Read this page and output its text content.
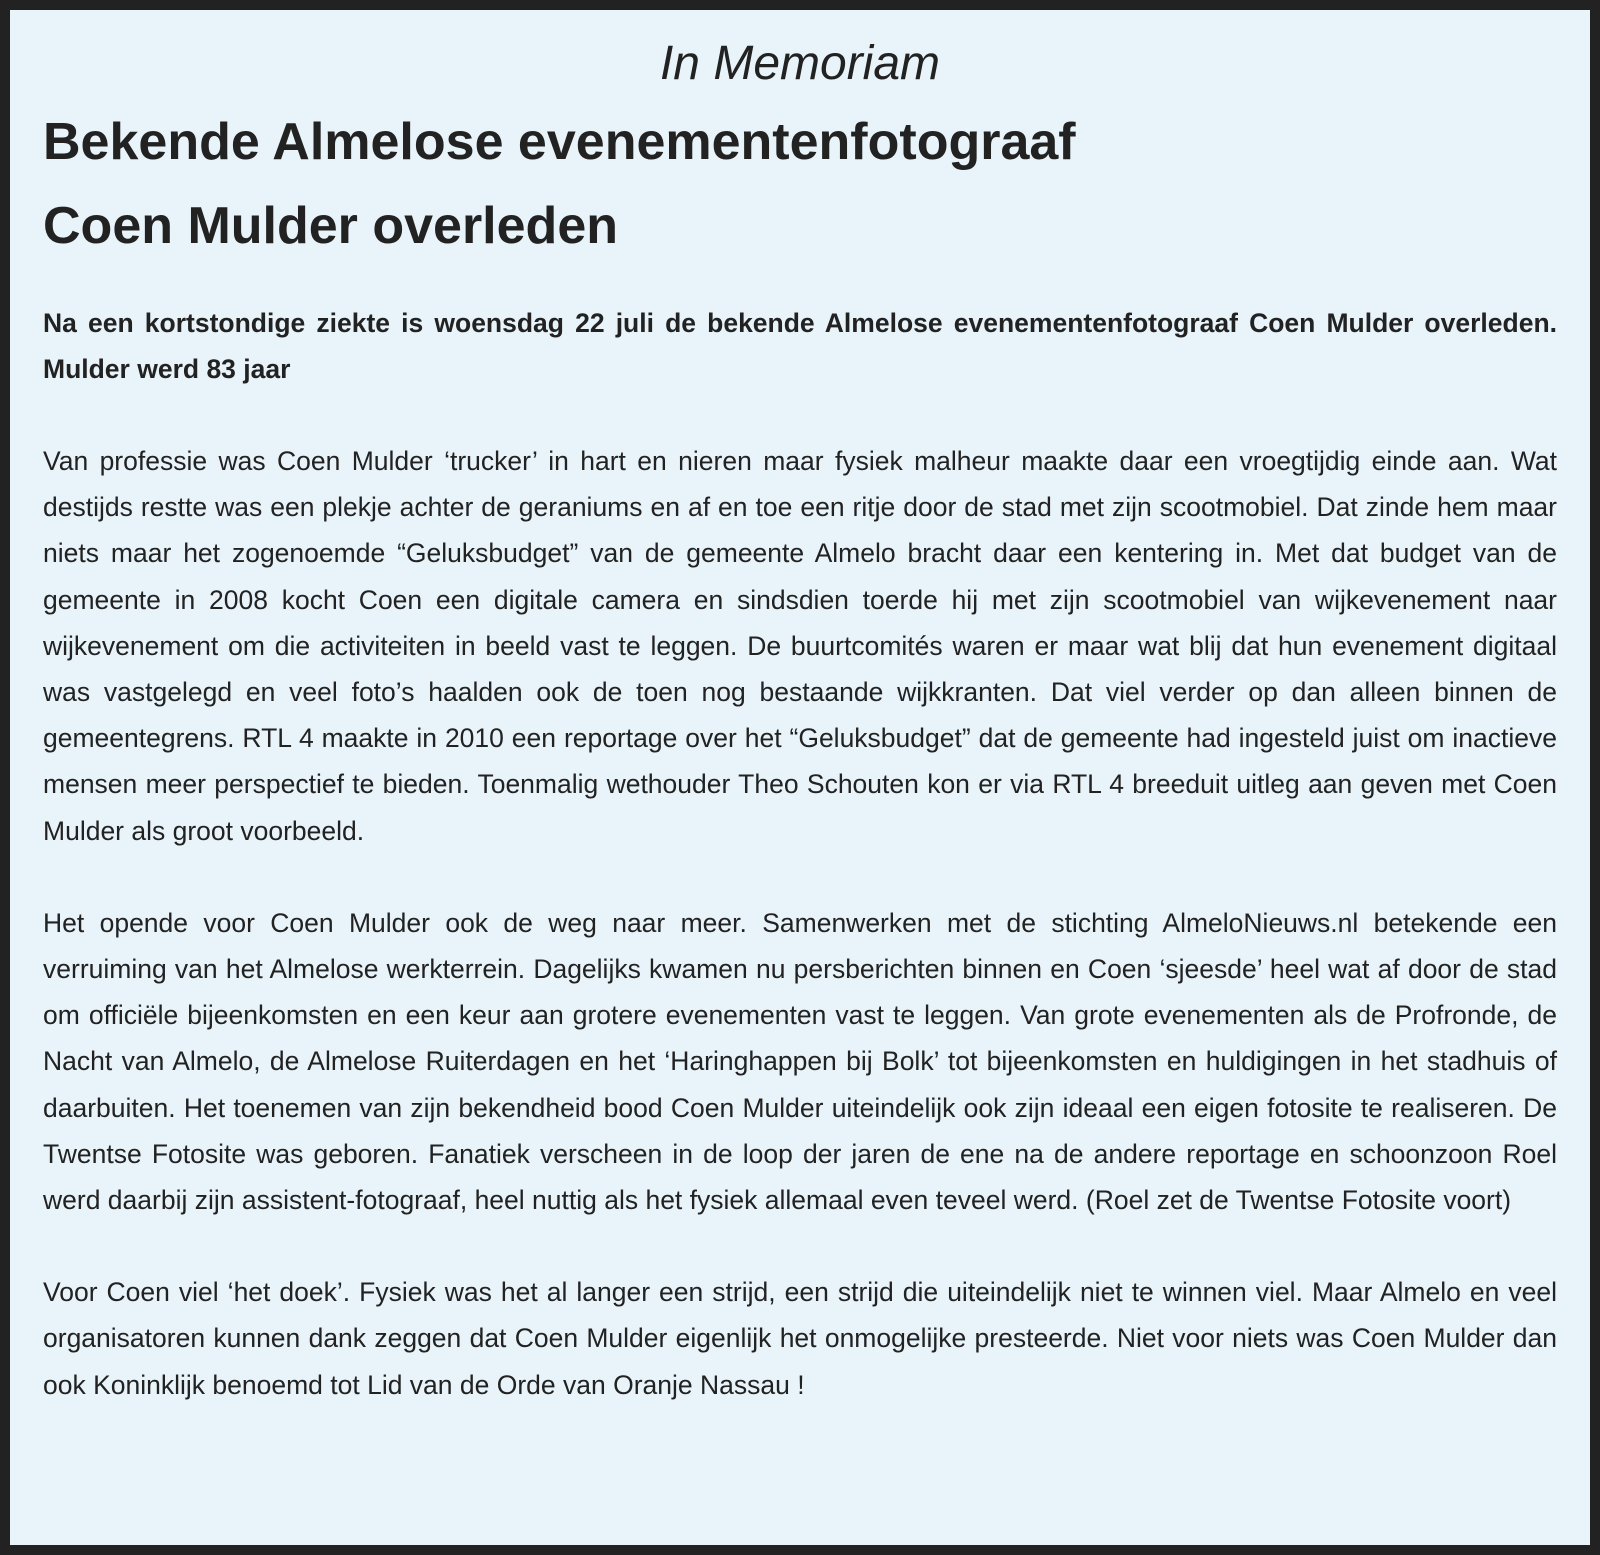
In Memoriam
Bekende Almelose evenementenfotograaf
Coen Mulder overleden

Na een kortstondige ziekte is woensdag 22 juli de bekende Almelose evenementenfotograaf Coen Mulder overleden. Mulder werd 83 jaar

Van professie was Coen Mulder ‘trucker’ in hart en nieren maar fysiek malheur maakte daar een vroegtijdig einde aan. Wat destijds restte was een plekje achter de geraniums en af en toe een ritje door de stad met zijn scootmobiel. Dat zinde hem maar niets maar het zogenoemde “Geluksbudget” van de gemeente Almelo bracht daar een kentering in. Met dat budget van de gemeente in 2008 kocht Coen een digitale camera en sindsdien toerde hij met zijn scootmobiel van wijkevenement naar wijkevenement om die activiteiten in beeld vast te leggen. De buurtcomités waren er maar wat blij dat hun evenement digitaal was vastgelegd en veel foto’s haalden ook de toen nog bestaande wijkkranten. Dat viel verder op dan alleen binnen de gemeentegrens. RTL 4 maakte in 2010 een reportage over het “Geluksbudget” dat de gemeente had ingesteld juist om inactieve mensen meer perspectief te bieden. Toenmalig wethouder Theo Schouten kon er via RTL 4 breeduit uitleg aan geven met Coen Mulder als groot voorbeeld.

Het opende voor Coen Mulder ook de weg naar meer. Samenwerken met de stichting AlmeloNieuws.nl betekende een verruiming van het Almelose werkterrein. Dagelijks kwamen nu persberichten binnen en Coen ‘sjeesde’ heel wat af door de stad om officiële bijeenkomsten en een keur aan grotere evenementen vast te leggen. Van grote evenementen als de Profronde, de Nacht van Almelo, de Almelose Ruiterdagen en het ‘Haringhappen bij Bolk’ tot bijeenkomsten en huldigingen in het stadhuis of daarbuiten. Het toenemen van zijn bekendheid bood Coen Mulder uiteindelijk ook zijn ideaal een eigen fotosite te realiseren. De Twentse Fotosite was geboren. Fanatiek verscheen in de loop der jaren de ene na de andere reportage en schoonzoon Roel werd daarbij zijn assistent-fotograaf, heel nuttig als het fysiek allemaal even teveel werd. (Roel zet de Twentse Fotosite voort)

Voor Coen viel ‘het doek’. Fysiek was het al langer een strijd, een strijd die uiteindelijk niet te winnen viel. Maar Almelo en veel organisatoren kunnen dank zeggen dat Coen Mulder eigenlijk het onmogelijke presteerde. Niet voor niets was Coen Mulder dan ook Koninklijk benoemd tot Lid van de Orde van Oranje Nassau !
